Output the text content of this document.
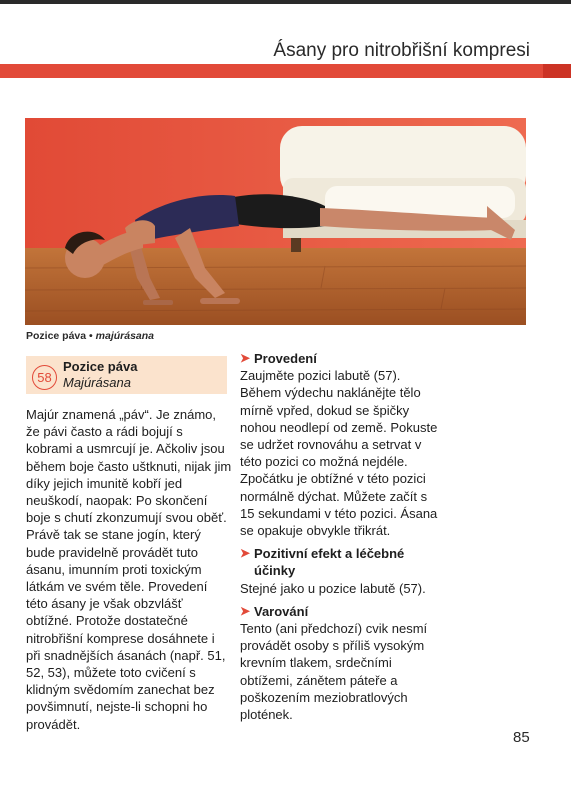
Ásany pro nitrobřišní kompresi
Pozice páva • majúrásana
58
Pozice páva
Majúrásana

Majúr znamená „páv“. Je známo, že pávi často a rádi bojují s kobrami a usmrcují je. Ačkoliv jsou během boje často uštknuti, nijak jim díky jejich imunitě kobří jed neuškodí, naopak: Po skončení boje s chutí zkonzumují svou oběť.

Právě tak se stane jogín, který bude pravidelně provádět tuto ásanu, imunním proti toxickým látkám ve svém těle. Provedení této ásany je však obzvlášť obtížné. Protože dostatečné nitrobřišní komprese dosáhnete i při snadnějších ásanách (např. 51, 52, 53), můžete toto cvičení s klidným svědomím zanechat bez povšimnutí, nejste-li schopni ho provádět.

➤ Provedení

Zaujměte pozici labutě (57). Během výdechu naklánějte tělo mírně vpřed, dokud se špičky nohou neodlepí od země. Pokuste se udržet rovnováhu a setrvat v této pozici co možná nejdéle.

Zpočátku je obtížné v této pozici normálně dýchat. Můžete začít s 15 sekundami v této pozici. Ásana se opakuje obvykle třikrát.

➤ Pozitivní efekt a léčebné účinky

Stejné jako u pozice labutě (57).

➤ Varování

Tento (ani předchozí) cvik nesmí provádět osoby s příliš vysokým krevním tlakem, srdečními obtížemi, zánětem páteře a poškozením meziobratlových plotének.

85
